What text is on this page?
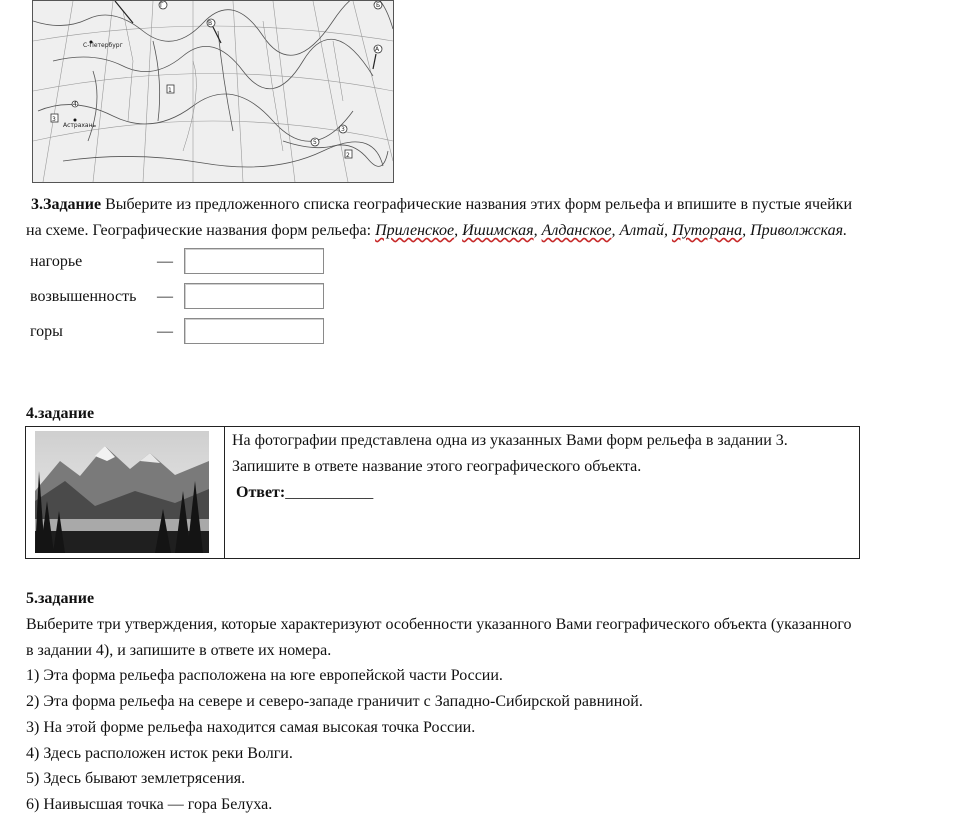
Г
В
Б
А
3
5
4
1
3
2
С-Петербург
Астрахань
3.Задание Выберите из предложенного списка географические названия этих форм рельефа и впишите в пустые ячейки
на схеме. Географические названия форм рельефа: Приленское, Ишимская, Алданское, Алтай, Путорана, Приволжская.
нагорье	—
возвышенность —
горы	—
4.задание
На фотографии представлена одна из указанных Вами форм рельефа в задании 3.
Запишите в ответе название этого географического объекта.
Ответ:___________
5.задание
Выберите три утверждения, которые характеризуют особенности указанного Вами географического объекта (указанного
в задании 4), и запишите в ответе их номера.
1) Эта форма рельефа расположена на юге европейской части России.
2) Эта форма рельефа на севере и северо-западе граничит с Западно-Сибирской равниной.
3) На этой форме рельефа находится самая высокая точка России.
4) Здесь расположен исток реки Волги.
5) Здесь бывают землетрясения.
6) Наивысшая точка — гора Белуха.
